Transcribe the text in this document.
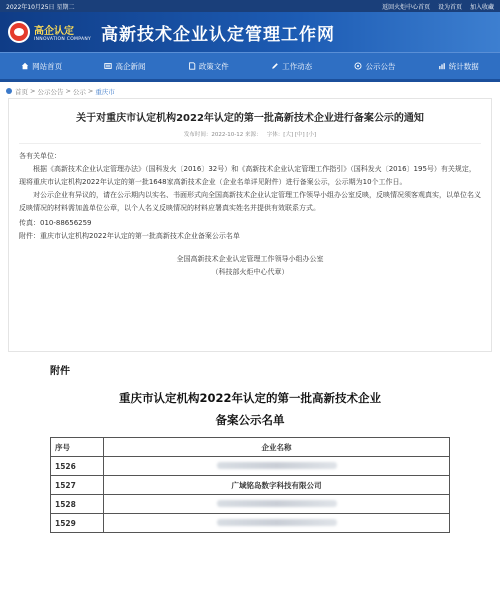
2022年10月25日 星期二	返回火炬中心首页 设为首页 加入收藏
高企认定
INNOVATION COMPANY 高新技术企业认定管理工作网
网站首页	高企新闻	政策文件	工作动态	公示公告	统计数据
首页 > 公示公告 > 公示 > 重庆市
关于对重庆市认定机构2022年认定的第一批高新技术企业进行备案公示的通知
发布时间：2022-10-12 来源： 字体：[大] [中] [小]

各有关单位：

根据《高新技术企业认定管理办法》（国科发火〔2016〕32号）和《高新技术企业认定管理工作指引》（国科发火〔2016〕195号）有关规定，现将重庆市认定机构2022年认定的第一批1648家高新技术企业（企业名单详见附件）进行备案公示，公示期为10个工作日。

对公示企业有异议的，请在公示期内以实名、书面形式向全国高新技术企业认定管理工作领导小组办公室反映，反映情况须客观真实，以单位名义反映情况的材料需加盖单位公章，以个人名义反映情况的材料应署真实姓名并提供有效联系方式。

传真：010-88656259

附件：重庆市认定机构2022年认定的第一批高新技术企业备案公示名单

全国高新技术企业认定管理工作领导小组办公室
（科技部火炬中心代章）
附件
重庆市认定机构2022年认定的第一批高新技术企业
备案公示名单
序号	企业名称
1526	
1527	广域铭岛数字科技有限公司
1528	
1529	
